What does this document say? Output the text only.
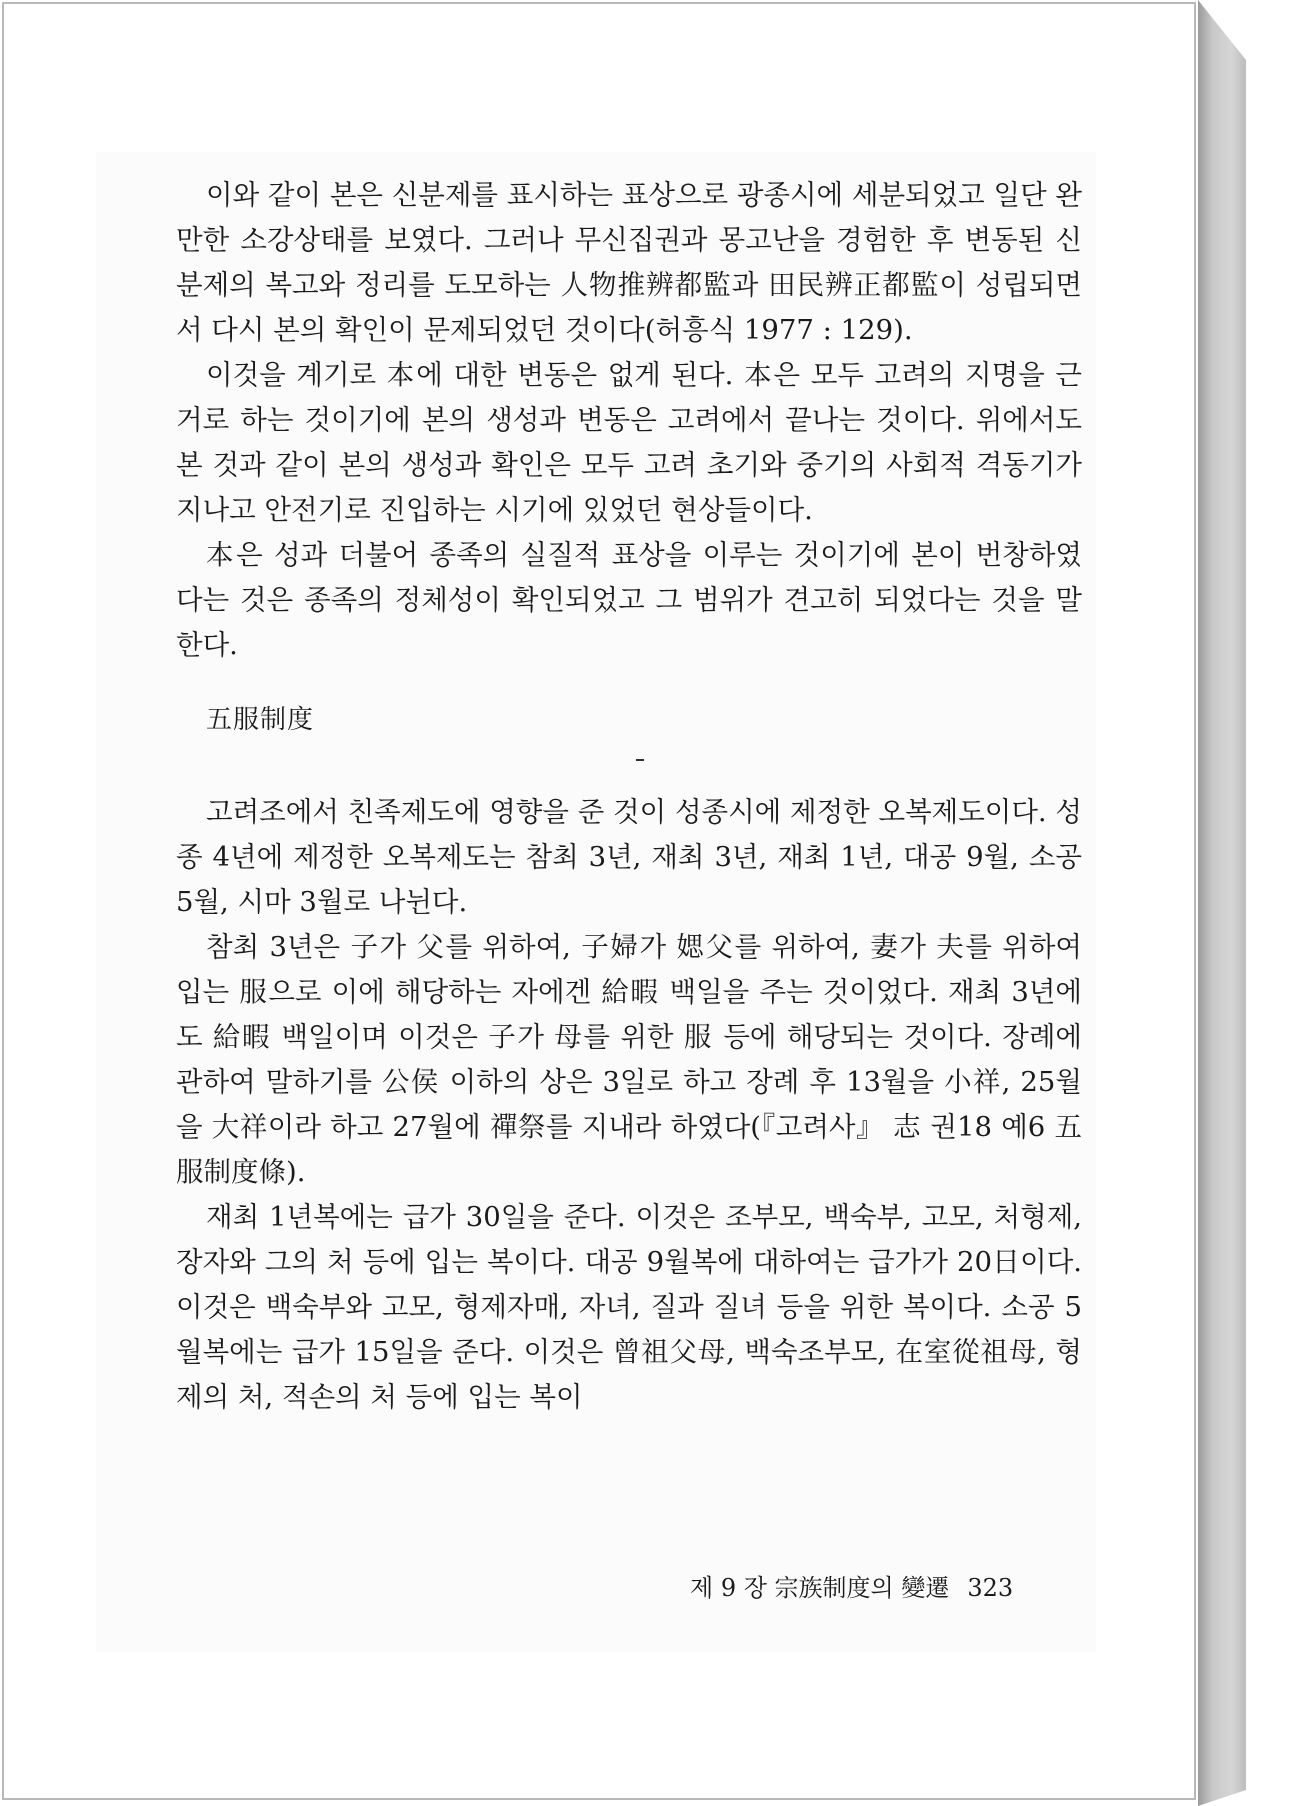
이와 같이 본은 신분제를 표시하는 표상으로 광종시에 세분되었고 일단 완만한 소강상태를 보였다. 그러나 무신집권과 몽고난을 경험한 후 변동된 신분제의 복고와 정리를 도모하는 人物推辨都監과 田民辨正都監이 성립되면서 다시 본의 확인이 문제되었던 것이다(허흥식 1977 : 129).

이것을 계기로 本에 대한 변동은 없게 된다. 本은 모두 고려의 지명을 근거로 하는 것이기에 본의 생성과 변동은 고려에서 끝나는 것이다. 위에서도 본 것과 같이 본의 생성과 확인은 모두 고려 초기와 중기의 사회적 격동기가 지나고 안전기로 진입하는 시기에 있었던 현상들이다.

本은 성과 더불어 종족의 실질적 표상을 이루는 것이기에 본이 번창하였다는 것은 종족의 정체성이 확인되었고 그 범위가 견고히 되었다는 것을 말한다.

五服制度

고려조에서 친족제도에 영향을 준 것이 성종시에 제정한 오복제도이다. 성종 4년에 제정한 오복제도는 참최 3년, 재최 3년, 재최 1년, 대공 9월, 소공 5월, 시마 3월로 나뉜다.

참최 3년은 子가 父를 위하여, 子婦가 媤父를 위하여, 妻가 夫를 위하여 입는 服으로 이에 해당하는 자에겐 給暇 백일을 주는 것이었다. 재최 3년에도 給暇 백일이며 이것은 子가 母를 위한 服 등에 해당되는 것이다. 장례에 관하여 말하기를 公侯 이하의 상은 3일로 하고 장례 후 13월을 小祥, 25월을 大祥이라 하고 27월에 禪祭를 지내라 하였다(『고려사』 志 권18 예6 五服制度條).

재최 1년복에는 급가 30일을 준다. 이것은 조부모, 백숙부, 고모, 처형제, 장자와 그의 처 등에 입는 복이다. 대공 9월복에 대하여는 급가가 20日이다. 이것은 백숙부와 고모, 형제자매, 자녀, 질과 질녀 등을 위한 복이다. 소공 5월복에는 급가 15일을 준다. 이것은 曾祖父母, 백숙조부모, 在室從祖母, 형제의 처, 적손의 처 등에 입는 복이

제 9 장 宗族制度의 變遷 323
